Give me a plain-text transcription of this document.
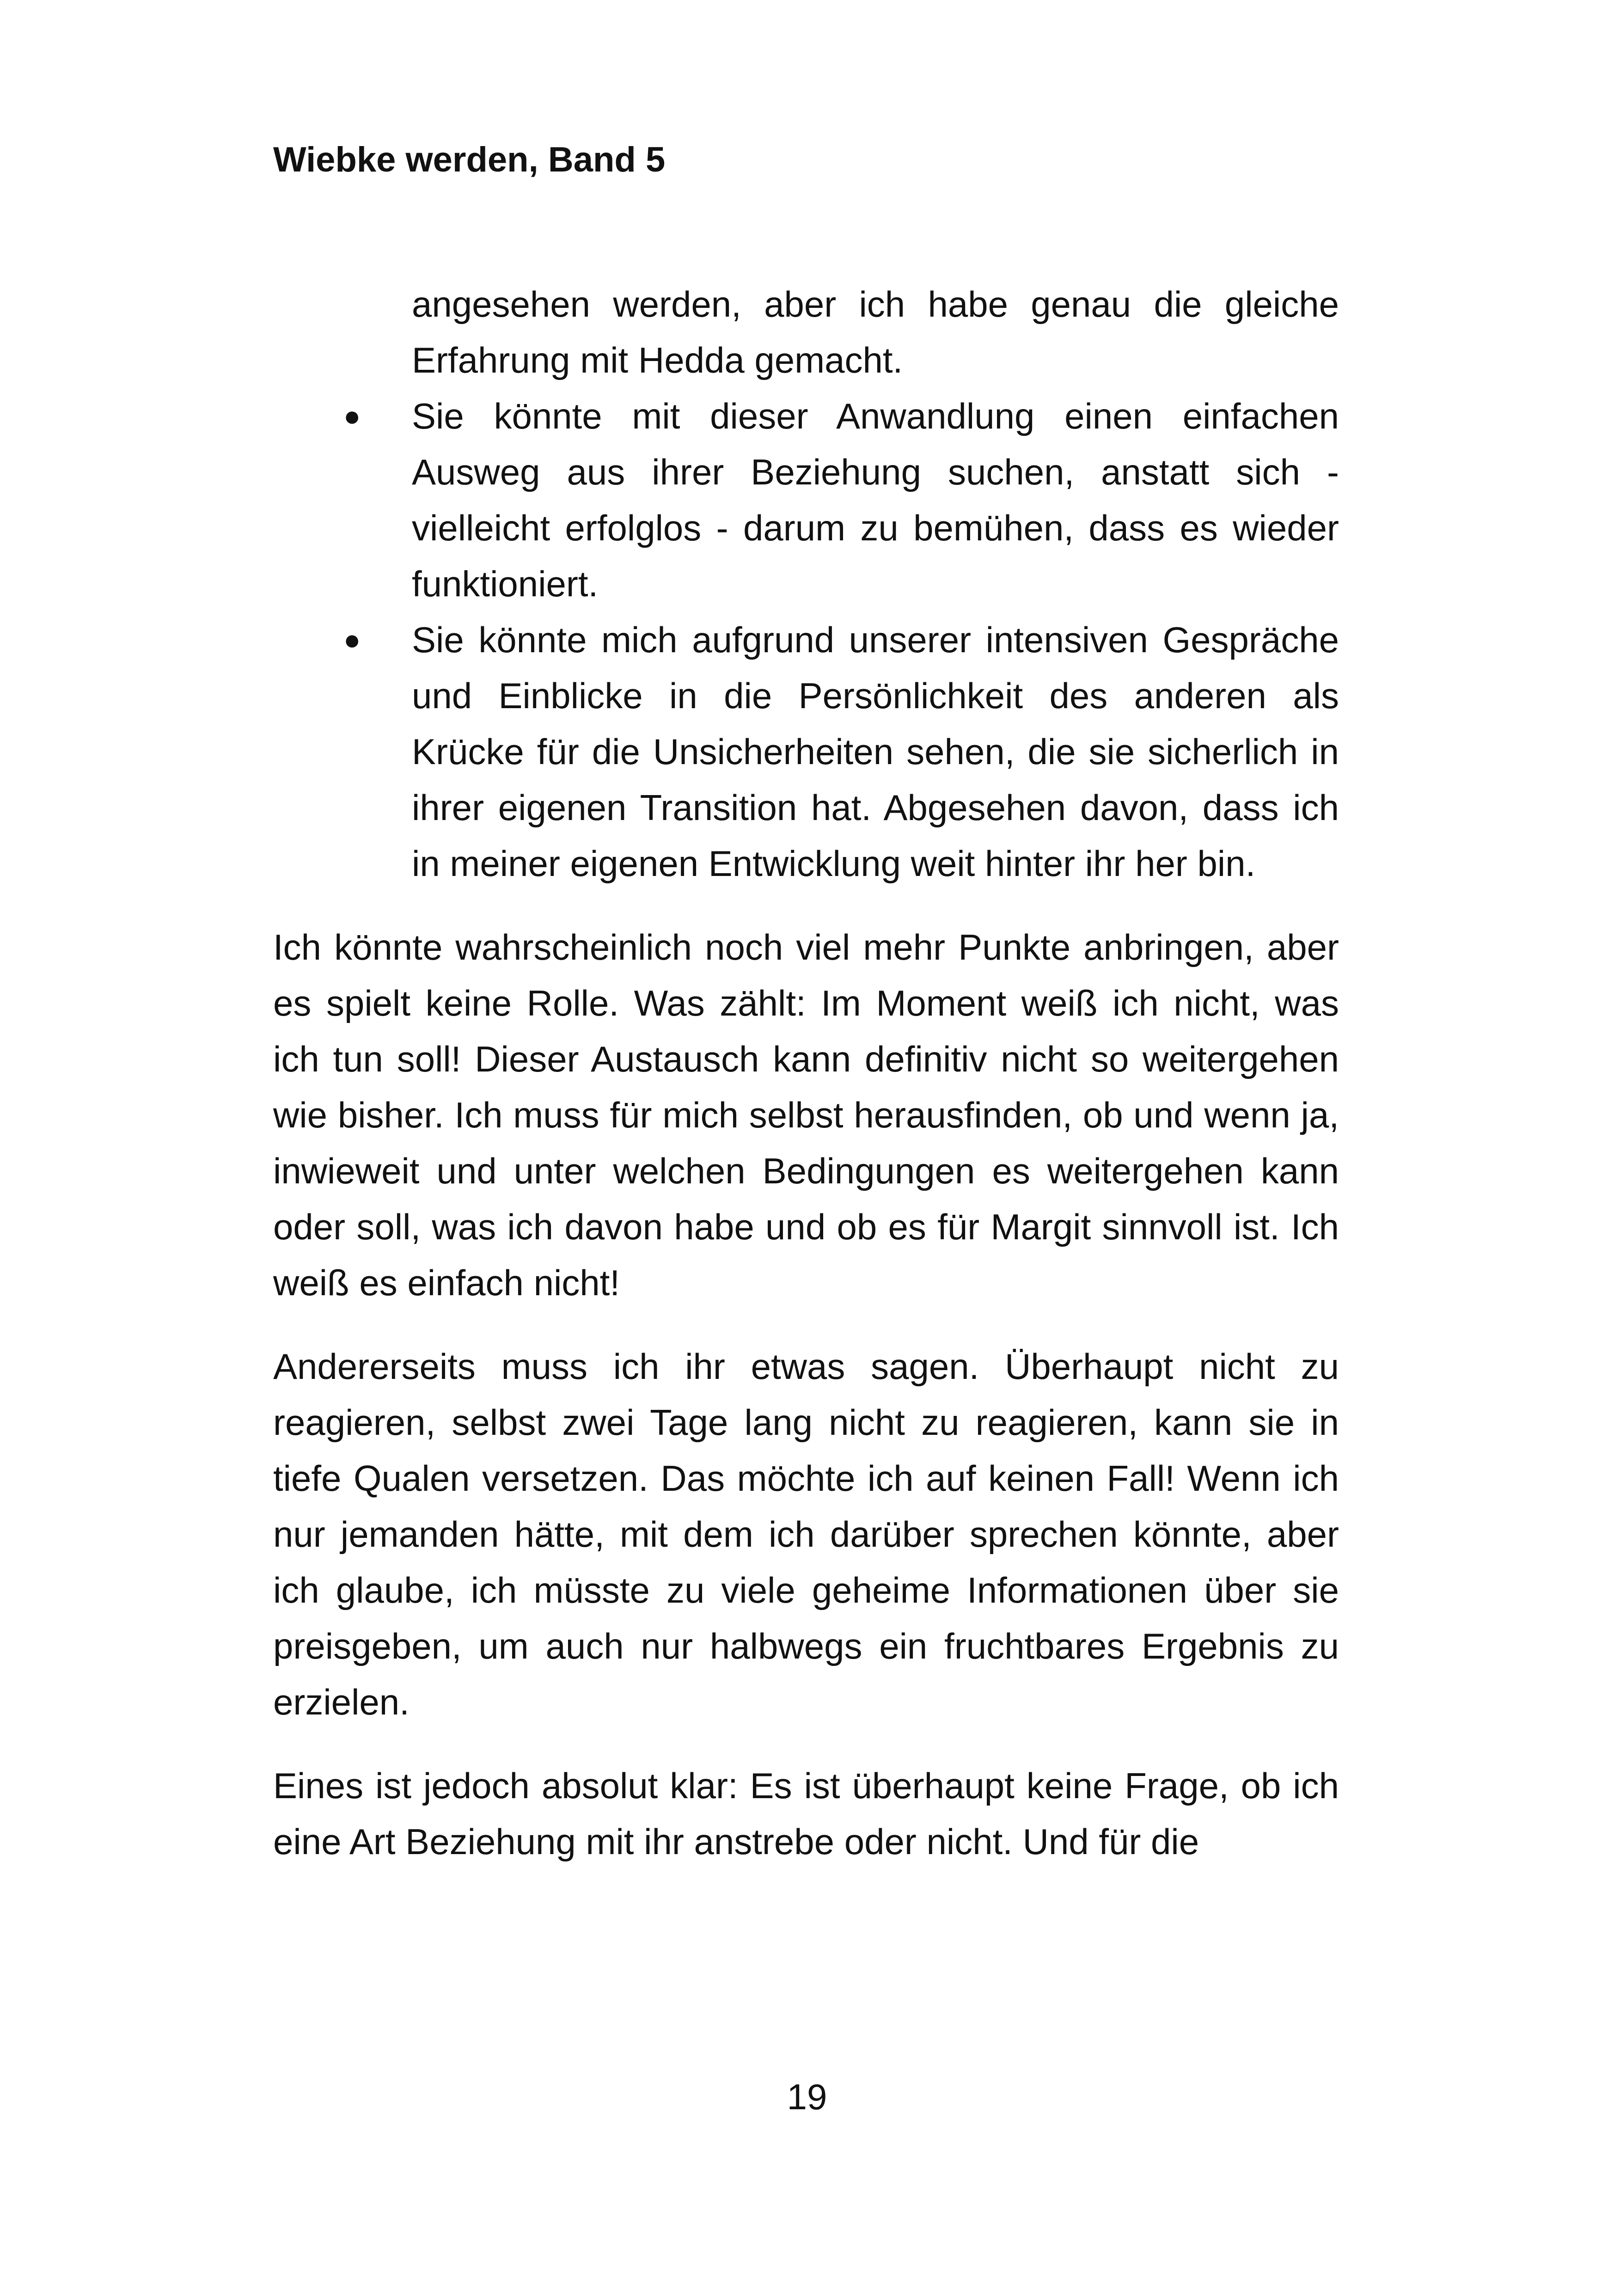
Wiebke werden, Band 5
angesehen werden, aber ich habe genau die gleiche Erfahrung mit Hedda gemacht.
● Sie könnte mit dieser Anwandlung einen einfachen Ausweg aus ihrer Beziehung suchen, anstatt sich - vielleicht erfolglos - darum zu bemühen, dass es wieder funktioniert.
● Sie könnte mich aufgrund unserer intensiven Gespräche und Einblicke in die Persönlichkeit des anderen als Krücke für die Unsicherheiten sehen, die sie sicherlich in ihrer eigenen Transition hat. Abgesehen davon, dass ich in meiner eigenen Entwicklung weit hinter ihr her bin.

Ich könnte wahrscheinlich noch viel mehr Punkte anbringen, aber es spielt keine Rolle. Was zählt: Im Moment weiß ich nicht, was ich tun soll! Dieser Austausch kann definitiv nicht so weitergehen wie bisher. Ich muss für mich selbst herausfinden, ob und wenn ja, inwieweit und unter welchen Bedingungen es weitergehen kann oder soll, was ich davon habe und ob es für Margit sinnvoll ist. Ich weiß es einfach nicht!

Andererseits muss ich ihr etwas sagen. Überhaupt nicht zu reagieren, selbst zwei Tage lang nicht zu reagieren, kann sie in tiefe Qualen versetzen. Das möchte ich auf keinen Fall! Wenn ich nur jemanden hätte, mit dem ich darüber sprechen könnte, aber ich glaube, ich müsste zu viele geheime Informationen über sie preisgeben, um auch nur halbwegs ein fruchtbares Ergebnis zu erzielen.

Eines ist jedoch absolut klar: Es ist überhaupt keine Frage, ob ich eine Art Beziehung mit ihr anstrebe oder nicht. Und für die

19
